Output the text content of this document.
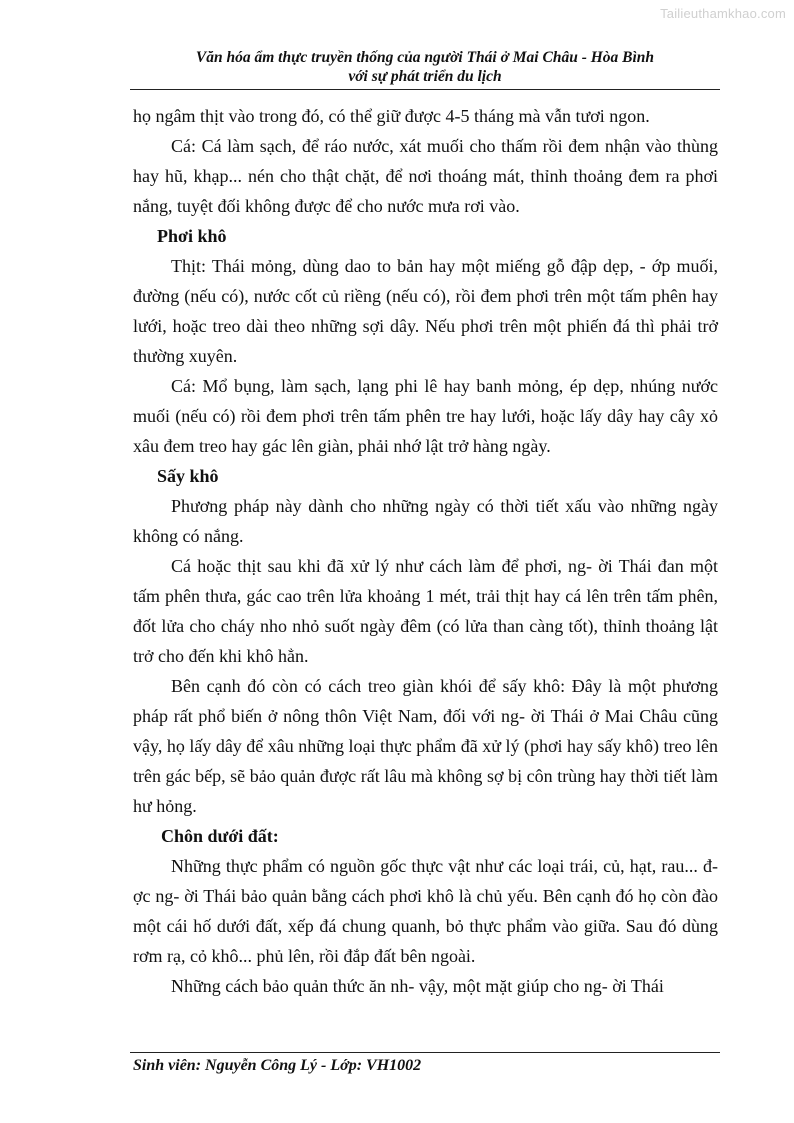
Tailieuthamkhao.com
Văn hóa ẩm thực truyền thống của người Thái ở Mai Châu - Hòa Bình
với sự phát triển du lịch

họ ngâm thịt vào trong đó, có thể giữ được 4-5 tháng mà vẫn tươi ngon.

Cá: Cá làm sạch, để ráo nước, xát muối cho thấm rồi đem nhận vào thùng hay hũ, khạp... nén cho thật chặt, để nơi thoáng mát, thỉnh thoảng đem ra phơi nắng, tuyệt đối không được để cho nước mưa rơi vào.

Phơi khô

Thịt: Thái mỏng, dùng dao to bản hay một miếng gỗ đập dẹp, - ớp muối, đường (nếu có), nước cốt củ riềng (nếu có), rồi đem phơi trên một tấm phên hay lưới, hoặc treo dài theo những sợi dây. Nếu phơi trên một phiến đá thì phải trở thường xuyên.

Cá: Mổ bụng, làm sạch, lạng phi lê hay banh mỏng, ép dẹp, nhúng nước muối (nếu có) rồi đem phơi trên tấm phên tre hay lưới, hoặc lấy dây hay cây xỏ xâu đem treo hay gác lên giàn, phải nhớ lật trở hàng ngày.

Sấy khô

Phương pháp này dành cho những ngày có thời tiết xấu vào những ngày không có nắng.

Cá hoặc thịt sau khi đã xử lý như cách làm để phơi, ng- ời Thái đan một tấm phên thưa, gác cao trên lửa khoảng 1 mét, trải thịt hay cá lên trên tấm phên, đốt lửa cho cháy nho nhỏ suốt ngày đêm (có lửa than càng tốt), thỉnh thoảng lật trở cho đến khi khô hẳn.

Bên cạnh đó còn có cách treo giàn khói để sấy khô: Đây là một phương pháp rất phổ biến ở nông thôn Việt Nam, đối với ng- ời Thái ở Mai Châu cũng vậy, họ lấy dây để xâu những loại thực phẩm đã xử lý (phơi hay sấy khô) treo lên trên gác bếp, sẽ bảo quản được rất lâu mà không sợ bị côn trùng hay thời tiết làm hư hỏng.

Chôn dưới đất:

Những thực phẩm có nguồn gốc thực vật như các loại trái, củ, hạt, rau... đ- ợc ng- ời Thái bảo quản bằng cách phơi khô là chủ yếu. Bên cạnh đó họ còn đào một cái hố dưới đất, xếp đá chung quanh, bỏ thực phẩm vào giữa. Sau đó dùng rơm rạ, cỏ khô... phủ lên, rồi đắp đất bên ngoài.

Những cách bảo quản thức ăn nh- vậy, một mặt giúp cho ng- ời Thái

Sinh viên: Nguyễn Công Lý - Lớp: VH1002
